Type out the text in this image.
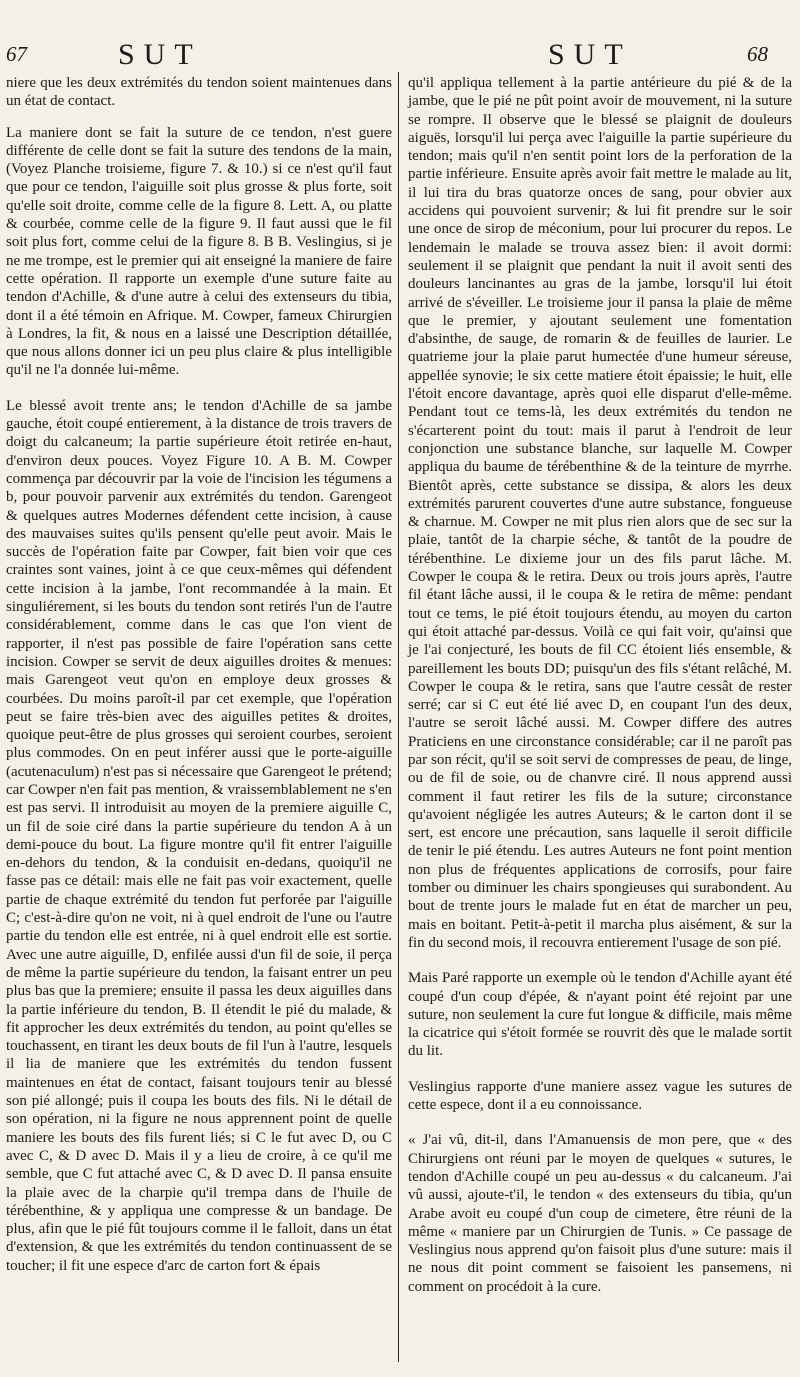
67	SUT	SUT	68

niere que les deux extrémités du tendon soient maintenues dans un état de contact.

La maniere dont se fait la suture de ce tendon, n'est guere différente de celle dont se fait la suture des tendons de la main, (Voyez Planche troisieme, figure 7. & 10.) si ce n'est qu'il faut que pour ce tendon, l'aiguille soit plus grosse & plus forte, soit qu'elle soit droite, comme celle de la figure 8. Lett. A, ou platte & courbée, comme celle de la figure 9. Il faut aussi que le fil soit plus fort, comme celui de la figure 8. B B. Veslingius, si je ne me trompe, est le premier qui ait enseigné la maniere de faire cette opération. Il rapporte un exemple d'une suture faite au tendon d'Achille, & d'une autre à celui des extenseurs du tibia, dont il a été témoin en Afrique. M. Cowper, fameux Chirurgien à Londres, la fit, & nous en a laissé une Description détaillée, que nous allons donner ici un peu plus claire & plus intelligible qu'il ne l'a donnée lui-même.

Le blessé avoit trente ans; le tendon d'Achille de sa jambe gauche, étoit coupé entierement, à la distance de trois travers de doigt du calcaneum; la partie supérieure étoit retirée en-haut, d'environ deux pouces. Voyez Figure 10. A B. M. Cowper commença par découvrir par la voie de l'incision les tégumens a b, pour pouvoir parvenir aux extrémités du tendon. Garengeot & quelques autres Modernes défendent cette incision, à cause des mauvaises suites qu'ils pensent qu'elle peut avoir. Mais le succès de l'opération faite par Cowper, fait bien voir que ces craintes sont vaines, joint à ce que ceux-mêmes qui défendent cette incision à la jambe, l'ont recommandée à la main. Et singuliérement, si les bouts du tendon sont retirés l'un de l'autre considérablement, comme dans le cas que l'on vient de rapporter, il n'est pas possible de faire l'opération sans cette incision. Cowper se servit de deux aiguilles droites & menues: mais Garengeot veut qu'on en employe deux grosses & courbées. Du moins paroît-il par cet exemple, que l'opération peut se faire très-bien avec des aiguilles petites & droites, quoique peut-être de plus grosses qui seroient courbes, seroient plus commodes. On en peut inférer aussi que le porte-aiguille (acutenaculum) n'est pas si nécessaire que Garengeot le prétend; car Cowper n'en fait pas mention, & vraissemblablement ne s'en est pas servi. Il introduisit au moyen de la premiere aiguille C, un fil de soie ciré dans la partie supérieure du tendon A à un demi-pouce du bout. La figure montre qu'il fit entrer l'aiguille en-dehors du tendon, & la conduisit en-dedans, quoiqu'il ne fasse pas ce détail: mais elle ne fait pas voir exactement, quelle partie de chaque extrémité du tendon fut perforée par l'aiguille C; c'est-à-dire qu'on ne voit, ni à quel endroit de l'une ou l'autre partie du tendon elle est entrée, ni à quel endroit elle est sortie. Avec une autre aiguille, D, enfilée aussi d'un fil de soie, il perça de même la partie supérieure du tendon, la faisant entrer un peu plus bas que la premiere; ensuite il passa les deux aiguilles dans la partie inférieure du tendon, B. Il étendit le pié du malade, & fit approcher les deux extrémités du tendon, au point qu'elles se touchassent, en tirant les deux bouts de fil l'un à l'autre, lesquels il lia de maniere que les extrémités du tendon fussent maintenues en état de contact, faisant toujours tenir au blessé son pié allongé; puis il coupa les bouts des fils. Ni le détail de son opération, ni la figure ne nous apprennent point de quelle maniere les bouts des fils furent liés; si C le fut avec D, ou C avec C, & D avec D. Mais il y a lieu de croire, à ce qu'il me semble, que C fut attaché avec C, & D avec D. Il pansa ensuite la plaie avec de la charpie qu'il trempa dans de l'huile de térébenthine, & y appliqua une compresse & un bandage. De plus, afin que le pié fût toujours comme il le falloit, dans un état d'extension, & que les extrémités du tendon continuassent de se toucher; il fit une espece d'arc de carton fort & épais

qu'il appliqua tellement à la partie antérieure du pié & de la jambe, que le pié ne pût point avoir de mouvement, ni la suture se rompre. Il observe que le blessé se plaignit de douleurs aiguës, lorsqu'il lui perça avec l'aiguille la partie supérieure du tendon; mais qu'il n'en sentit point lors de la perforation de la partie inférieure. Ensuite après avoir fait mettre le malade au lit, il lui tira du bras quatorze onces de sang, pour obvier aux accidens qui pouvoient survenir; & lui fit prendre sur le soir une once de sirop de méconium, pour lui procurer du repos. Le lendemain le malade se trouva assez bien: il avoit dormi: seulement il se plaignit que pendant la nuit il avoit senti des douleurs lancinantes au gras de la jambe, lorsqu'il lui étoit arrivé de s'éveiller. Le troisieme jour il pansa la plaie de même que le premier, y ajoutant seulement une fomentation d'absinthe, de sauge, de romarin & de feuilles de laurier. Le quatrieme jour la plaie parut humectée d'une humeur séreuse, appellée synovie; le six cette matiere étoit épaissie; le huit, elle l'étoit encore davantage, après quoi elle disparut d'elle-même. Pendant tout ce tems-là, les deux extrémités du tendon ne s'écarterent point du tout: mais il parut à l'endroit de leur conjonction une substance blanche, sur laquelle M. Cowper appliqua du baume de térébenthine & de la teinture de myrrhe. Bientôt après, cette substance se dissipa, & alors les deux extrémités parurent couvertes d'une autre substance, fongueuse & charnue. M. Cowper ne mit plus rien alors que de sec sur la plaie, tantôt de la charpie séche, & tantôt de la poudre de térébenthine. Le dixieme jour un des fils parut lâche. M. Cowper le coupa & le retira. Deux ou trois jours après, l'autre fil étant lâche aussi, il le coupa & le retira de même: pendant tout ce tems, le pié étoit toujours étendu, au moyen du carton qui étoit attaché par-dessus. Voilà ce qui fait voir, qu'ainsi que je l'ai conjecturé, les bouts de fil CC étoient liés ensemble, & pareillement les bouts DD; puisqu'un des fils s'étant relâché, M. Cowper le coupa & le retira, sans que l'autre cessât de rester serré; car si C eut été lié avec D, en coupant l'un des deux, l'autre se seroit lâché aussi. M. Cowper differe des autres Praticiens en une circonstance considérable; car il ne paroît pas par son récit, qu'il se soit servi de compresses de peau, de linge, ou de fil de soie, ou de chanvre ciré. Il nous apprend aussi comment il faut retirer les fils de la suture; circonstance qu'avoient négligée les autres Auteurs; & le carton dont il se sert, est encore une précaution, sans laquelle il seroit difficile de tenir le pié étendu. Les autres Auteurs ne font point mention non plus de fréquentes applications de corrosifs, pour faire tomber ou diminuer les chairs spongieuses qui surabondent. Au bout de trente jours le malade fut en état de marcher un peu, mais en boitant. Petit-à-petit il marcha plus aisément, & sur la fin du second mois, il recouvra entierement l'usage de son pié.

Mais Paré rapporte un exemple où le tendon d'Achille ayant été coupé d'un coup d'épée, & n'ayant point été rejoint par une suture, non seulement la cure fut longue & difficile, mais même la cicatrice qui s'étoit formée se rouvrit dès que le malade sortit du lit.

Veslingius rapporte d'une maniere assez vague les sutures de cette espece, dont il a eu connoissance.

« J'ai vû, dit-il, dans l'Amanuensis de mon pere, que « des Chirurgiens ont réuni par le moyen de quelques « sutures, le tendon d'Achille coupé un peu au-dessus « du calcaneum. J'ai vû aussi, ajoute-t'il, le tendon « des extenseurs du tibia, qu'un Arabe avoit eu coupé d'un coup de cimetere, être réuni de la même « maniere par un Chirurgien de Tunis. » Ce passage de Veslingius nous apprend qu'on faisoit plus d'une suture: mais il ne nous dit point comment se faisoient les pansemens, ni comment on procédoit à la cure.
